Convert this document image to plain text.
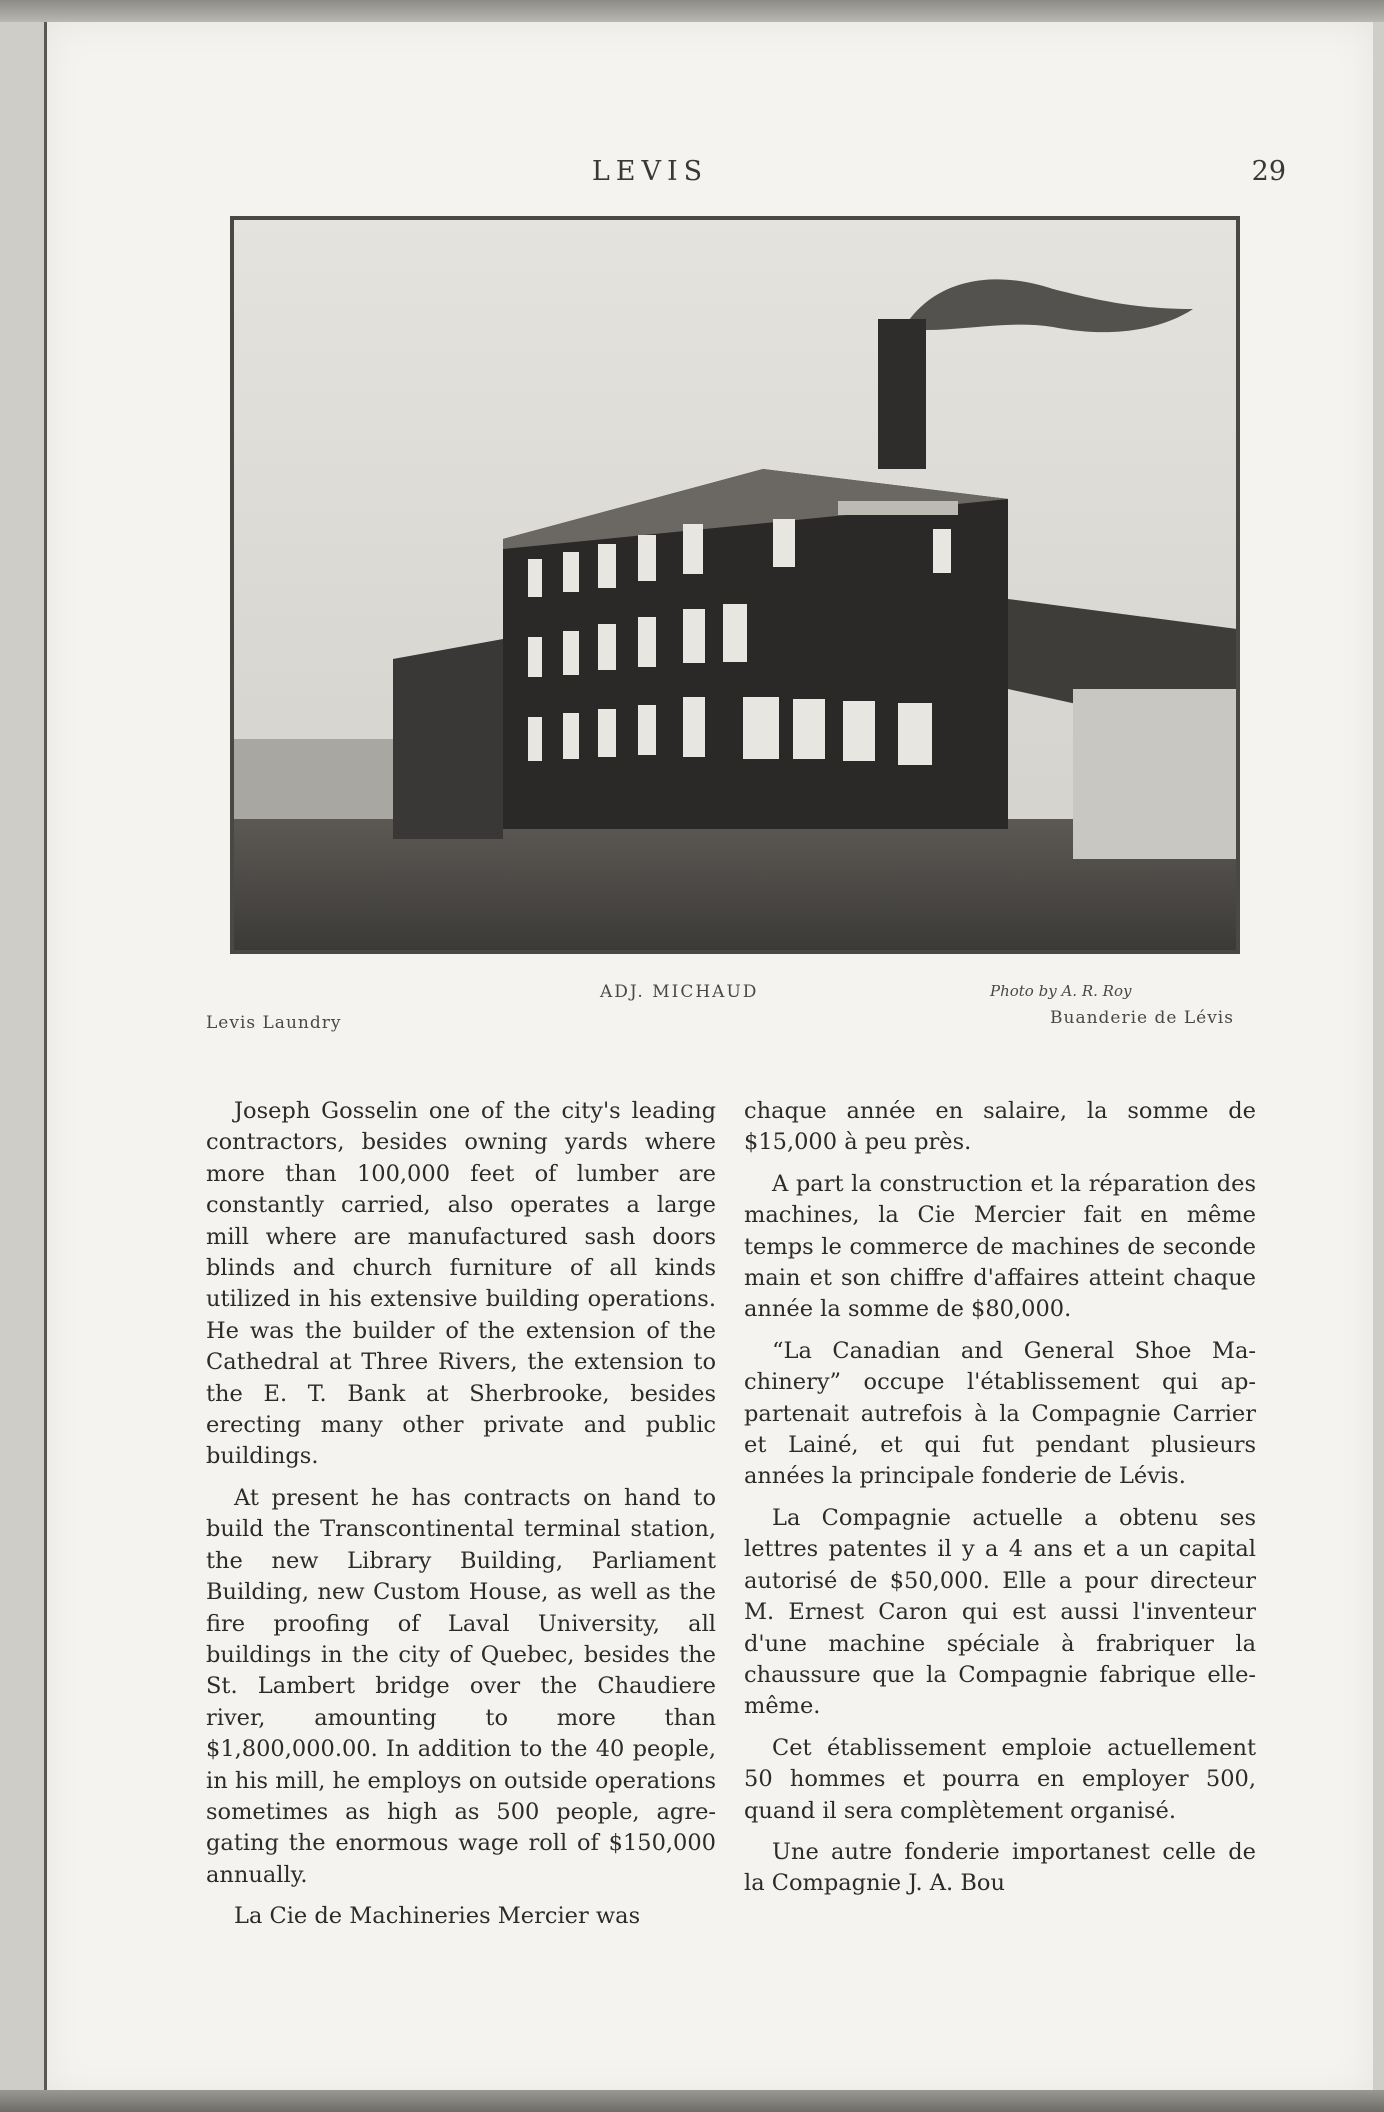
LEVIS	29
ADJ. MICHAUD	Photo by A. R. Roy
Levis Laundry	Buanderie de Lévis

Joseph Gosselin one of the city's leading contractors, besides owning yards where more than 100,000 feet of lumber are constantly carried, also operates a large mill where are manufactured sash doors blinds and church furniture of all kinds utilized in his extensive building operations. He was the builder of the extension of the Cathedral at Three Rivers, the extension to the E. T. Bank at Sherbrooke, besides erecting many other private and public buildings.

At present he has contracts on hand to build the Transcontinental terminal station, the new Library Building, Parliament Building, new Custom House, as well as the fire proofing of Laval University, all buildings in the city of Quebec, besides the St. Lambert bridge over the Chaudiere river, amounting to more than $1,800,000.00. In addition to the 40 people, in his mill, he employs on outside operations sometimes as high as 500 people, agregating the enormous wage roll of $150,000 annually.

La Cie de Machineries Mercier was

chaque année en salaire, la somme de $15,000 à peu près.

A part la construction et la réparation des machines, la Cie Mercier fait en même temps le commerce de machines de seconde main et son chiffre d'affaires atteint chaque année la somme de $80,000.

“La Canadian and General Shoe Machinery” occupe l'établissement qui appartenait autrefois à la Compagnie Carrier et Lainé, et qui fut pendant plusieurs années la principale fonderie de Lévis.

La Compagnie actuelle a obtenu ses lettres patentes il y a 4 ans et a un capital autorisé de $50,000. Elle a pour directeur M. Ernest Caron qui est aussi l'inventeur d'une machine spéciale à frabriquer la chaussure que la Compagnie fabrique elle-même.

Cet établissement emploie actuellement 50 hommes et pourra en employer 500, quand il sera complètement organisé.

Une autre fonderie importanest celle de la Compagnie J. A. Bou
